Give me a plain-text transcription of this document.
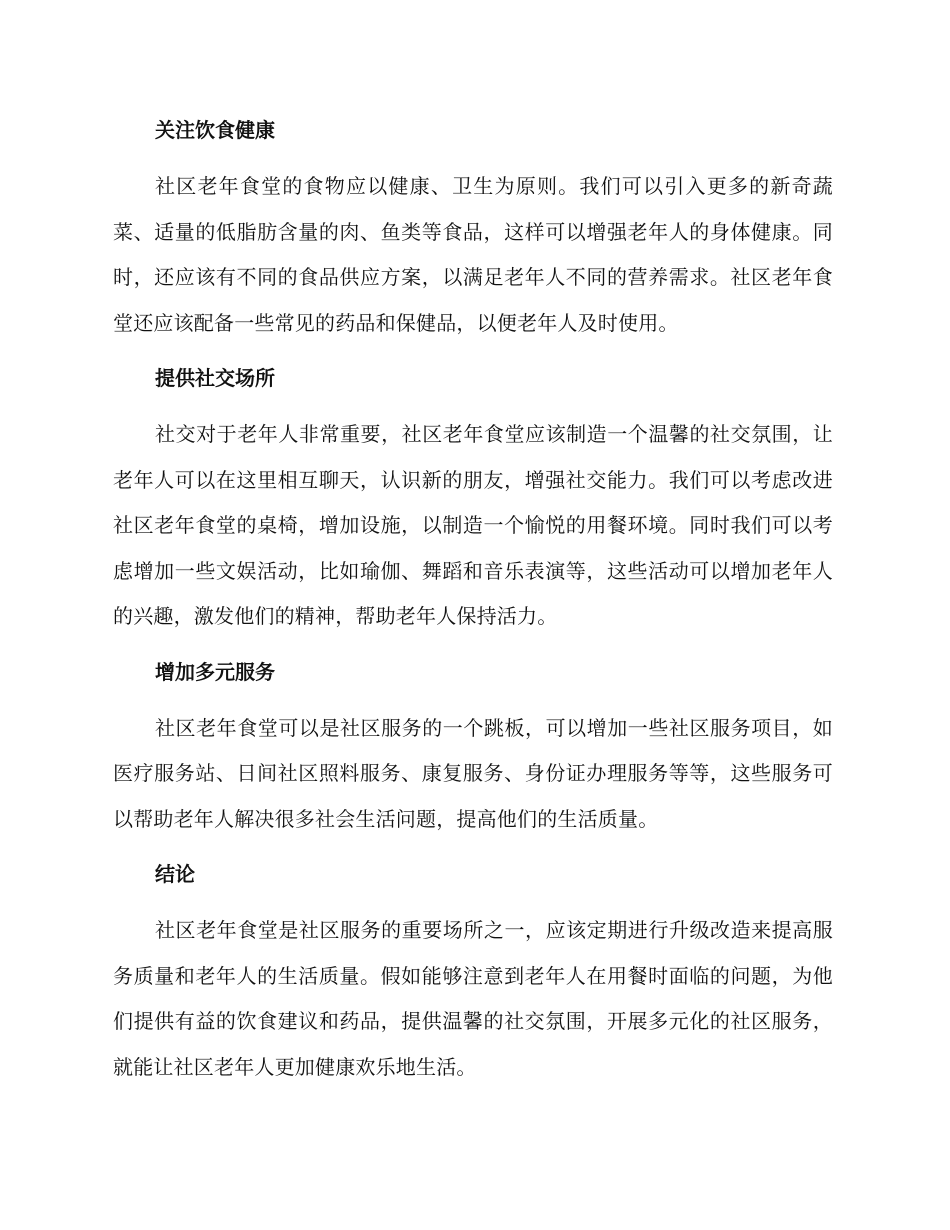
关注饮食健康

社区老年食堂的食物应以健康、卫生为原则。我们可以引入更多的新奇蔬菜、适量的低脂肪含量的肉、鱼类等食品，这样可以增强老年人的身体健康。同时，还应该有不同的食品供应方案，以满足老年人不同的营养需求。社区老年食堂还应该配备一些常见的药品和保健品，以便老年人及时使用。

提供社交场所

社交对于老年人非常重要，社区老年食堂应该制造一个温馨的社交氛围，让老年人可以在这里相互聊天，认识新的朋友，增强社交能力。我们可以考虑改进社区老年食堂的桌椅，增加设施，以制造一个愉悦的用餐环境。同时我们可以考虑增加一些文娱活动，比如瑜伽、舞蹈和音乐表演等，这些活动可以增加老年人的兴趣，激发他们的精神，帮助老年人保持活力。

增加多元服务

社区老年食堂可以是社区服务的一个跳板，可以增加一些社区服务项目，如医疗服务站、日间社区照料服务、康复服务、身份证办理服务等等，这些服务可以帮助老年人解决很多社会生活问题，提高他们的生活质量。

结论

社区老年食堂是社区服务的重要场所之一，应该定期进行升级改造来提高服务质量和老年人的生活质量。假如能够注意到老年人在用餐时面临的问题，为他们提供有益的饮食建议和药品，提供温馨的社交氛围，开展多元化的社区服务，就能让社区老年人更加健康欢乐地生活。
